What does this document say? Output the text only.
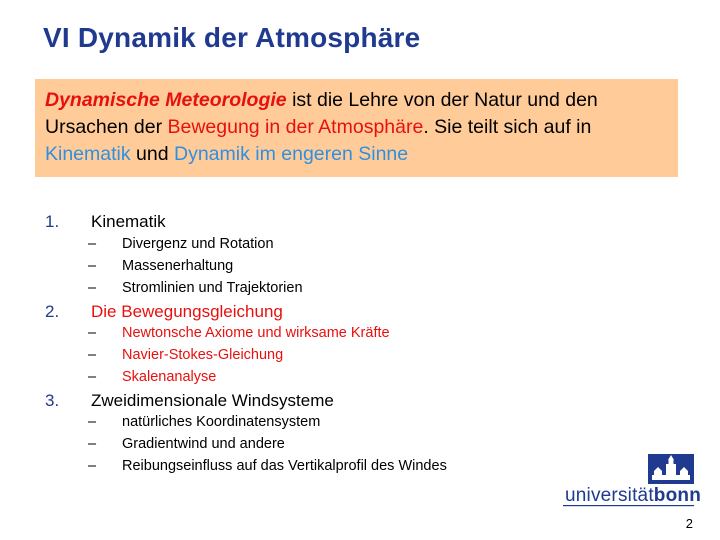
VI Dynamik der Atmosphäre
Dynamische Meteorologie ist die Lehre von der Natur und den Ursachen der Bewegung in der Atmosphäre. Sie teilt sich auf in Kinematik und Dynamik im engeren Sinne
1. Kinematik
– Divergenz und Rotation
– Massenerhaltung
– Stromlinien und Trajektorien
2. Die Bewegungsgleichung
– Newtonsche Axiome und wirksame Kräfte
– Navier-Stokes-Gleichung
– Skalenanalyse
3. Zweidimensionale Windsysteme
– natürliches Koordinatensystem
– Gradientwind und andere
– Reibungseinfluss auf das Vertikalprofil des Windes
universitätbonn
2
